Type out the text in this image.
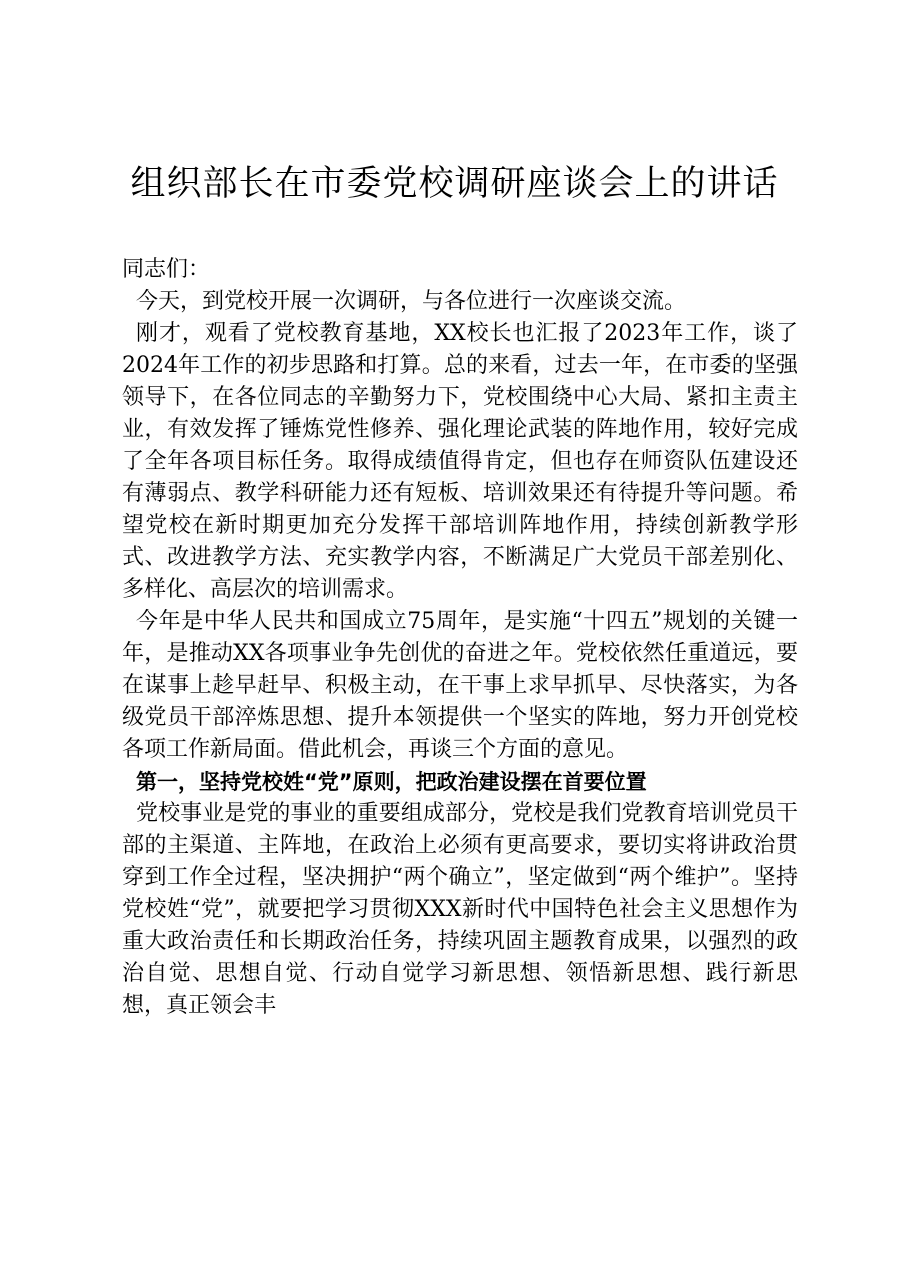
组织部长在市委党校调研座谈会上的讲话

同志们：

今天，到党校开展一次调研，与各位进行一次座谈交流。

刚才，观看了党校教育基地，XX校长也汇报了2023年工作，谈了2024年工作的初步思路和打算。总的来看，过去一年，在市委的坚强领导下，在各位同志的辛勤努力下，党校围绕中心大局、紧扣主责主业，有效发挥了锤炼党性修养、强化理论武装的阵地作用，较好完成了全年各项目标任务。取得成绩值得肯定，但也存在师资队伍建设还有薄弱点、教学科研能力还有短板、培训效果还有待提升等问题。希望党校在新时期更加充分发挥干部培训阵地作用，持续创新教学形式、改进教学方法、充实教学内容，不断满足广大党员干部差别化、多样化、高层次的培训需求。

今年是中华人民共和国成立75周年，是实施“十四五”规划的关键一年，是推动XX各项事业争先创优的奋进之年。党校依然任重道远，要在谋事上趁早赶早、积极主动，在干事上求早抓早、尽快落实，为各级党员干部淬炼思想、提升本领提供一个坚实的阵地，努力开创党校各项工作新局面。借此机会，再谈三个方面的意见。

第一，坚持党校姓“党”原则，把政治建设摆在首要位置

党校事业是党的事业的重要组成部分，党校是我们党教育培训党员干部的主渠道、主阵地，在政治上必须有更高要求，要切实将讲政治贯穿到工作全过程，坚决拥护“两个确立”，坚定做到“两个维护”。坚持党校姓“党”，就要把学习贯彻XXX新时代中国特色社会主义思想作为重大政治责任和长期政治任务，持续巩固主题教育成果，以强烈的政治自觉、思想自觉、行动自觉学习新思想、领悟新思想、践行新思想，真正领会丰
